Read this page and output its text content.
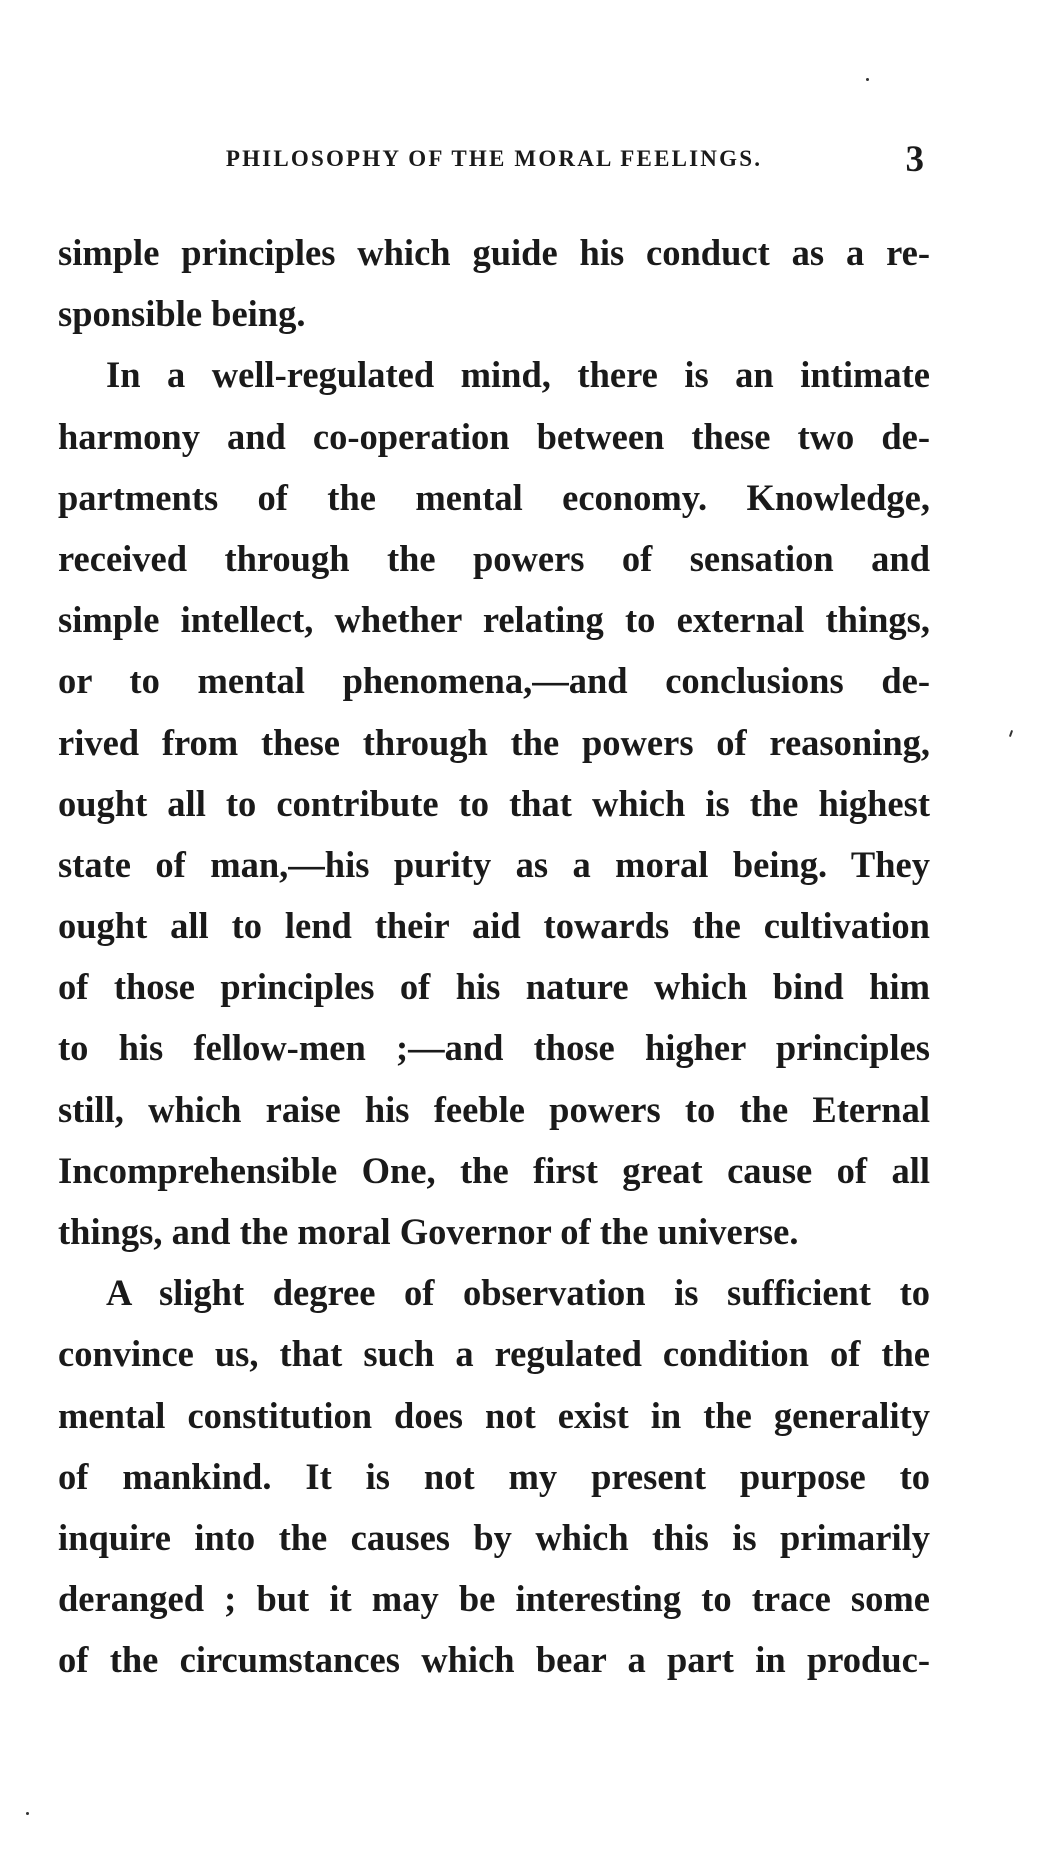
PHILOSOPHY OF THE MORAL FEELINGS.	3
simple principles which guide his conduct as a re-
sponsible being.
In a well-regulated mind, there is an intimate
harmony and co-operation between these two de-
partments of the mental economy. Knowledge,
received through the powers of sensation and
simple intellect, whether relating to external things,
or to mental phenomena,—and conclusions de-
rived from these through the powers of reasoning,
ought all to contribute to that which is the highest
state of man,—his purity as a moral being. They
ought all to lend their aid towards the cultivation
of those principles of his nature which bind him
to his fellow-men ;—and those higher principles
still, which raise his feeble powers to the Eternal
Incomprehensible One, the first great cause of all
things, and the moral Governor of the universe.
A slight degree of observation is sufficient to
convince us, that such a regulated condition of the
mental constitution does not exist in the generality
of mankind. It is not my present purpose to
inquire into the causes by which this is primarily
deranged ; but it may be interesting to trace some
of the circumstances which bear a part in produc-
